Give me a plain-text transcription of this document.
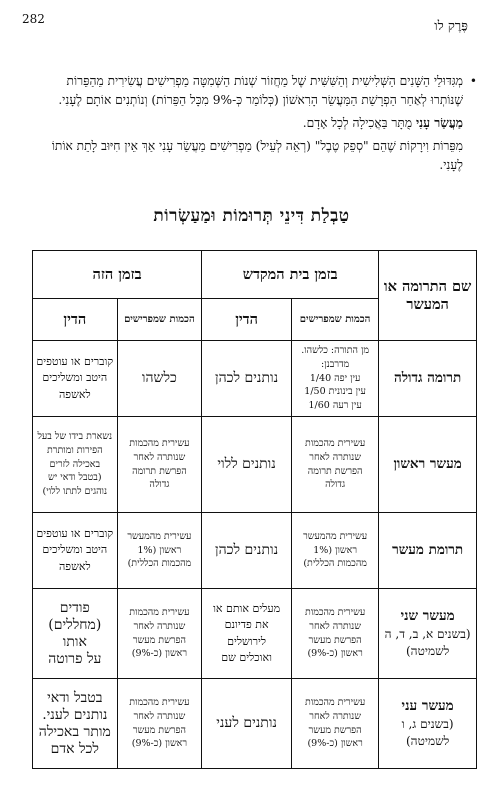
282	פֶּרֶק לו

•
מְגִּדּוּלֵי הַשָּׁנִים הַשְּׁלִישִׁית וְהַשִּׁשִּׁית שֶׁל מַחֲזוֹר שְׁנוֹת הַשְּׁמִטָּה מַפְרִישִׁים עֲשִׂירִית מֵהַפֵּרוֹת שֶׁנּוֹתְרוּ לְאַחַר הַפְרָשַׁת הַמַּעֲשֵׂר הָרִאשׁוֹן (כְּלוֹמַר כְּ-9% מִכָּל הַפֵּרוֹת) וְנוֹתְנִים אוֹתָם לֶעָנִי.

מַעֲשַׂר עָנִי מֻתָּר בַּאֲכִילָה לְכָל אָדָם.

מִפֵּרוֹת וִירָקוֹת שֶׁהֵם "סְפֵק טֶבֶל" (רְאֵה לְעֵיל) מַפְרִישִׁים מַעֲשַׂר עָנִי אַךְ אֵין חִיּוּב לָתֵת אוֹתוֹ לֶעָנִי.

טַבְלַת דִּינֵי תְּרוּמוֹת וּמַעַשְׂרוֹת
שם התרומה או המעשר	בזמן בית המקדש		בזמן הזה	
	הכמות שמפרישים	הדין	הכמות שמפרישים	הדין

תרומה גדולה	מן התורה: כלשהו.
מדרבנן:
עין יפה 1/40
עין בינונית 1/50
עין רעה 1/60	נותנים לכהן	כלשהו	קוברים או עוטפים
היטב ומשליכים
לאשפה

מעשר ראשון	עשירית מהכמות
שנותרה לאחר
הפרשת תרומה
גדולה	נותנים ללוי	עשירית מהכמות
שנותרה לאחר
הפרשת תרומה
גדולה	נשארת בידו של בעל
הפירות ומותרת
באכילה לזרים
(בטבל ודאי יש
נוהגים לתתו ללוי)

תרומת מעשר	עשירית מהמעשר
ראשון (1%
מהכמות הכללית)	נותנים לכהן	עשירית מהמעשר
ראשון (1%
מהכמות הכללית)	קוברים או עוטפים
היטב ומשליכים
לאשפה

מעשר שני
(בשנים א, ב, ד, ה
לשמיטה)	עשירית מהכמות
שנותרה לאחר
הפרשת מעשר
ראשון (כ-9%)	מעלים אותם או
את פדיונם
לירושלים
ואוכלים שם	עשירית מהכמות
שנותרה לאחר
הפרשת מעשר
ראשון (כ-9%)	פודים
(מחללים) אותו
על פרוטה

מעשר עני
(בשנים ג, ו
לשמיטה)	עשירית מהכמות
שנותרה לאחר
הפרשת מעשר
ראשון (כ-9%)	נותנים לעני	עשירית מהכמות
שנותרה לאחר
הפרשת מעשר
ראשון (כ-9%)	בטבל ודאי
נותנים לעני.
מותר באכילה
לכל אדם
